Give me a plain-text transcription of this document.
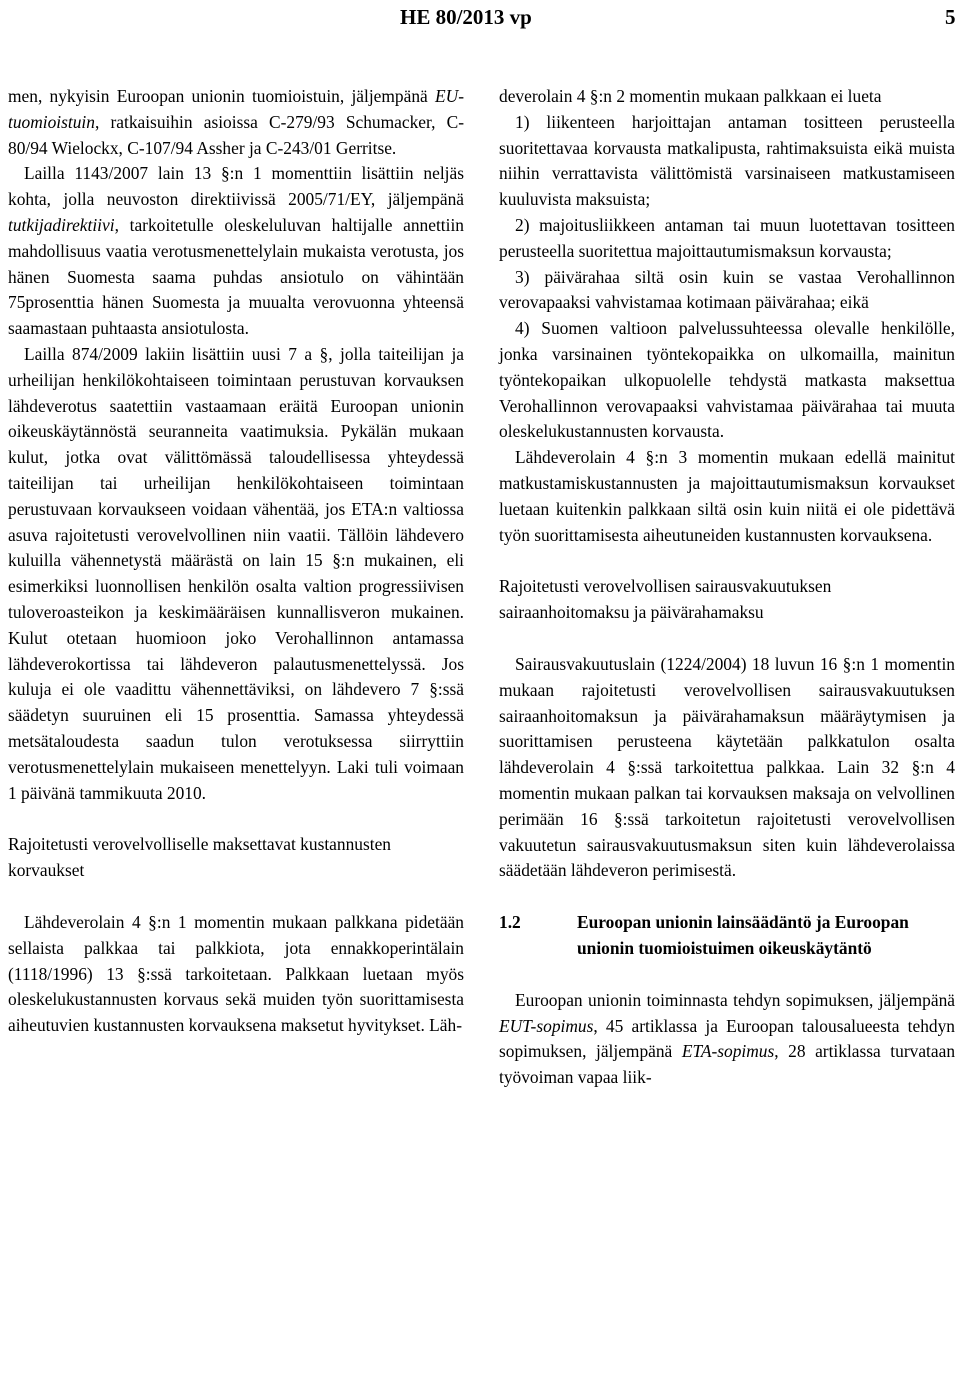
HE 80/2013 vp	5

men, nykyisin Euroopan unionin tuomioistuin, jäljempänä EU-tuomioistuin, ratkaisuihin asioissa C-279/93 Schumacker, C-80/94 Wielockx, C-107/94 Assher ja C-243/01 Gerritse.

Lailla 1143/2007 lain 13 §:n 1 momenttiin lisättiin neljäs kohta, jolla neuvoston direktiivissä 2005/71/EY, jäljempänä tutkijadirektiivi, tarkoitetulle oleskeluluvan haltijalle annettiin mahdollisuus vaatia verotusmenettelylain mukaista verotusta, jos hänen Suomesta saama puhdas ansiotulo on vähintään 75prosenttia hänen Suomesta ja muualta verovuonna yhteensä saamastaan puhtaasta ansiotulosta.

Lailla 874/2009 lakiin lisättiin uusi 7 a §, jolla taiteilijan ja urheilijan henkilökohtaiseen toimintaan perustuvan korvauksen lähdeverotus saatettiin vastaamaan eräitä Euroopan unionin oikeuskäytännöstä seuranneita vaatimuksia. Pykälän mukaan kulut, jotka ovat välittömässä taloudellisessa yhteydessä taiteilijan tai urheilijan henkilökohtaiseen toimintaan perustuvaan korvaukseen voidaan vähentää, jos ETA:n valtiossa asuva rajoitetusti verovelvollinen niin vaatii. Tällöin lähdevero kuluilla vähennetystä määrästä on lain 15 §:n mukainen, eli esimerkiksi luonnollisen henkilön osalta valtion progressiivisen tuloveroasteikon ja keskimääräisen kunnallisveron mukainen. Kulut otetaan huomioon joko Verohallinnon antamassa lähdeverokortissa tai lähdeveron palautusmenettelyssä. Jos kuluja ei ole vaadittu vähennettäviksi, on lähdevero 7 §:ssä säädetyn suuruinen eli 15 prosenttia. Samassa yhteydessä metsätaloudesta saadun tulon verotuksessa siirryttiin verotusmenettelylain mukaiseen menettelyyn. Laki tuli voimaan 1 päivänä tammikuuta 2010.

Rajoitetusti verovelvolliselle maksettavat kustannusten korvaukset

Lähdeverolain 4 §:n 1 momentin mukaan palkkana pidetään sellaista palkkaa tai palkkiota, jota ennakkoperintälain (1118/1996) 13 §:ssä tarkoitetaan. Palkkaan luetaan myös oleskelukustannusten korvaus sekä muiden työn suorittamisesta aiheutuvien kustannusten korvauksena maksetut hyvitykset. Läh-

deverolain 4 §:n 2 momentin mukaan palkkaan ei lueta

1) liikenteen harjoittajan antaman tositteen perusteella suoritettavaa korvausta matkalipusta, rahtimaksuista eikä muista niihin verrattavista välittömistä varsinaiseen matkustamiseen kuuluvista maksuista;

2) majoitusliikkeen antaman tai muun luotettavan tositteen perusteella suoritettua majoittautumismaksun korvausta;

3) päivärahaa siltä osin kuin se vastaa Verohallinnon verovapaaksi vahvistamaa kotimaan päivärahaa; eikä

4) Suomen valtioon palvelussuhteessa olevalle henkilölle, jonka varsinainen työntekopaikka on ulkomailla, mainitun työntekopaikan ulkopuolelle tehdystä matkasta maksettua Verohallinnon verovapaaksi vahvistamaa päivärahaa tai muuta oleskelukustannusten korvausta.

Lähdeverolain 4 §:n 3 momentin mukaan edellä mainitut matkustamiskustannusten ja majoittautumismaksun korvaukset luetaan kuitenkin palkkaan siltä osin kuin niitä ei ole pidettävä työn suorittamisesta aiheutuneiden kustannusten korvauksena.

Rajoitetusti verovelvollisen sairausvakuutuksen sairaanhoitomaksu ja päivärahamaksu

Sairausvakuutuslain (1224/2004) 18 luvun 16 §:n 1 momentin mukaan rajoitetusti verovelvollisen sairausvakuutuksen sairaanhoitomaksun ja päivärahamaksun määräytymisen ja suorittamisen perusteena käytetään palkkatulon osalta lähdeverolain 4 §:ssä tarkoitettua palkkaa. Lain 32 §:n 4 momentin mukaan palkan tai korvauksen maksaja on velvollinen perimään 16 §:ssä tarkoitetun rajoitetusti verovelvollisen vakuutetun sairausvakuutusmaksun siten kuin lähdeverolaissa säädetään lähdeveron perimisestä.

1.2	Euroopan unionin lainsäädäntö ja Euroopan unionin tuomioistuimen oikeuskäytäntö

Euroopan unionin toiminnasta tehdyn sopimuksen, jäljempänä EUT-sopimus, 45 artiklassa ja Euroopan talousalueesta tehdyn sopimuksen, jäljempänä ETA-sopimus, 28 artiklassa turvataan työvoiman vapaa liik-
